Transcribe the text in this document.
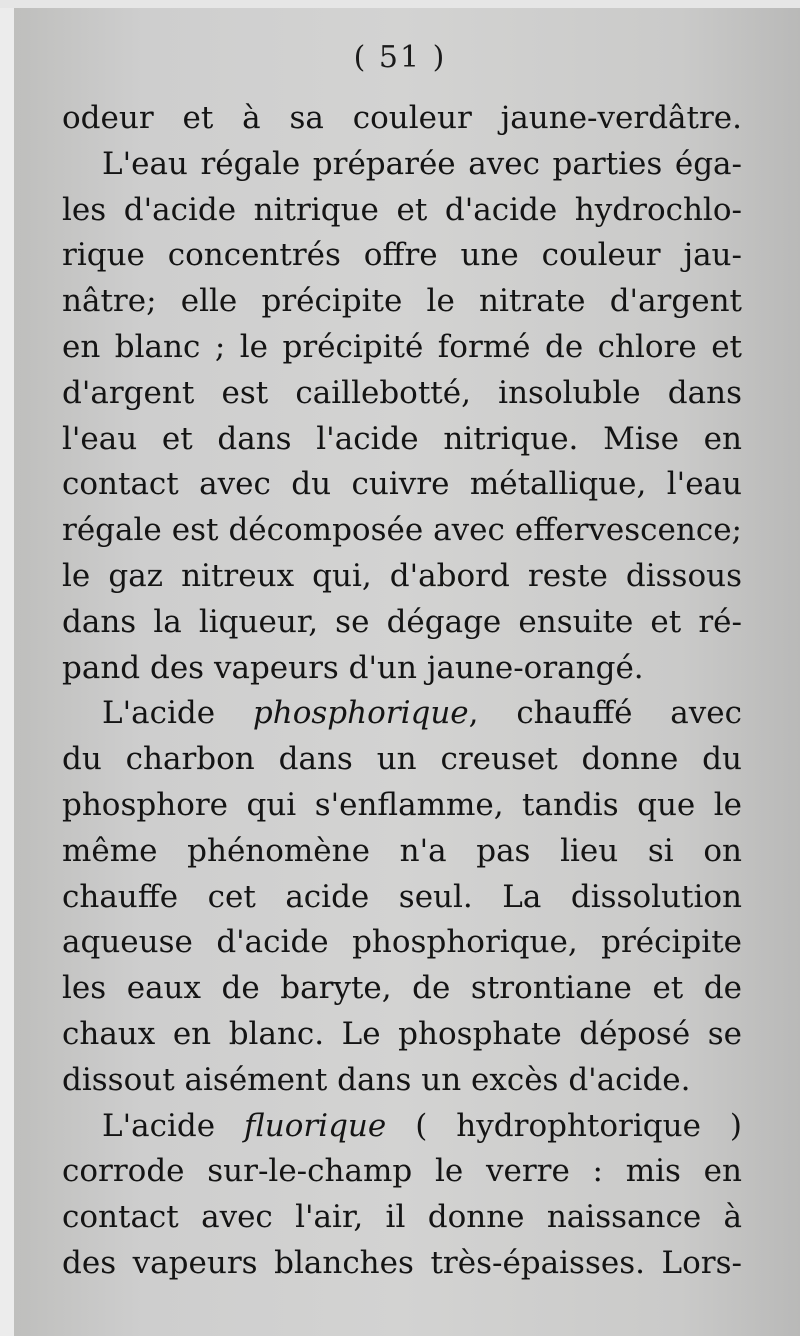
( 51 )
odeur et à sa couleur jaune-verdâtre.
L'eau régale préparée avec parties éga-
les d'acide nitrique et d'acide hydrochlo-
rique concentrés offre une couleur jau-
nâtre; elle précipite le nitrate d'argent
en blanc ; le précipité formé de chlore et
d'argent est caillebotté, insoluble dans
l'eau et dans l'acide nitrique. Mise en
contact avec du cuivre métallique, l'eau
régale est décomposée avec effervescence;
le gaz nitreux qui, d'abord reste dissous
dans la liqueur, se dégage ensuite et ré-
pand des vapeurs d'un jaune-orangé.
L'acide phosphorique, chauffé avec
du charbon dans un creuset donne du
phosphore qui s'enflamme, tandis que le
même phénomène n'a pas lieu si on
chauffe cet acide seul. La dissolution
aqueuse d'acide phosphorique, précipite
les eaux de baryte, de strontiane et de
chaux en blanc. Le phosphate déposé se
dissout aisément dans un excès d'acide.
L'acide fluorique ( hydrophtorique )
corrode sur-le-champ le verre : mis en
contact avec l'air, il donne naissance à
des vapeurs blanches très-épaisses. Lors-
